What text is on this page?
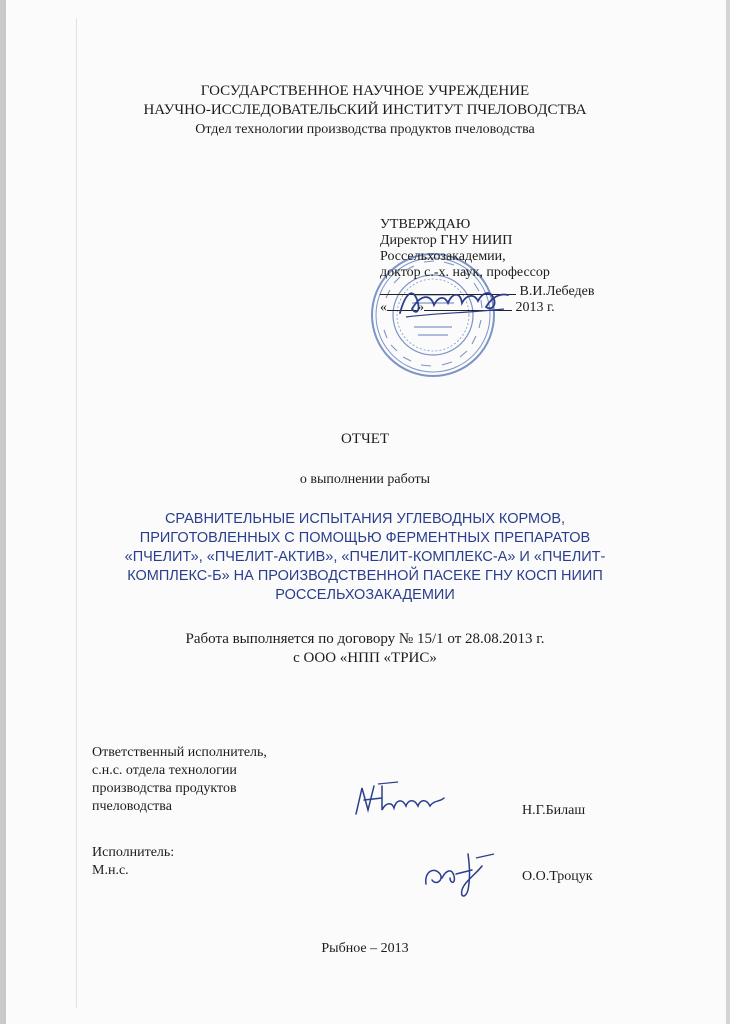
ГОСУДАРСТВЕННОЕ НАУЧНОЕ УЧРЕЖДЕНИЕ
НАУЧНО-ИССЛЕДОВАТЕЛЬСКИЙ ИНСТИТУТ ПЧЕЛОВОДСТВА
Отдел технологии производства продуктов пчеловодства
УТВЕРЖДАЮ
Директор ГНУ НИИП
Россельхозакадемии,
доктор с.-х. наук, профессор
В.И.Лебедев
« »	2013 г.
ОТЧЕТ
о выполнении работы
СРАВНИТЕЛЬНЫЕ ИСПЫТАНИЯ УГЛЕВОДНЫХ КОРМОВ,
ПРИГОТОВЛЕННЫХ С ПОМОЩЬЮ ФЕРМЕНТНЫХ ПРЕПАРАТОВ
«ПЧЕЛИТ», «ПЧЕЛИТ-АКТИВ», «ПЧЕЛИТ-КОМПЛЕКС-А» И «ПЧЕЛИТ-
КОМПЛЕКС-Б» НА ПРОИЗВОДСТВЕННОЙ ПАСЕКЕ ГНУ КОСП НИИП
РОССЕЛЬХОЗАКАДЕМИИ
Работа выполняется по договору № 15/1 от 28.08.2013 г.
с ООО «НПП «ТРИС»
Ответственный исполнитель,
с.н.с. отдела технологии
производства продуктов
пчеловодства	Н.Г.Билаш
Исполнитель:
М.н.с.	О.О.Троцук
Рыбное – 2013
